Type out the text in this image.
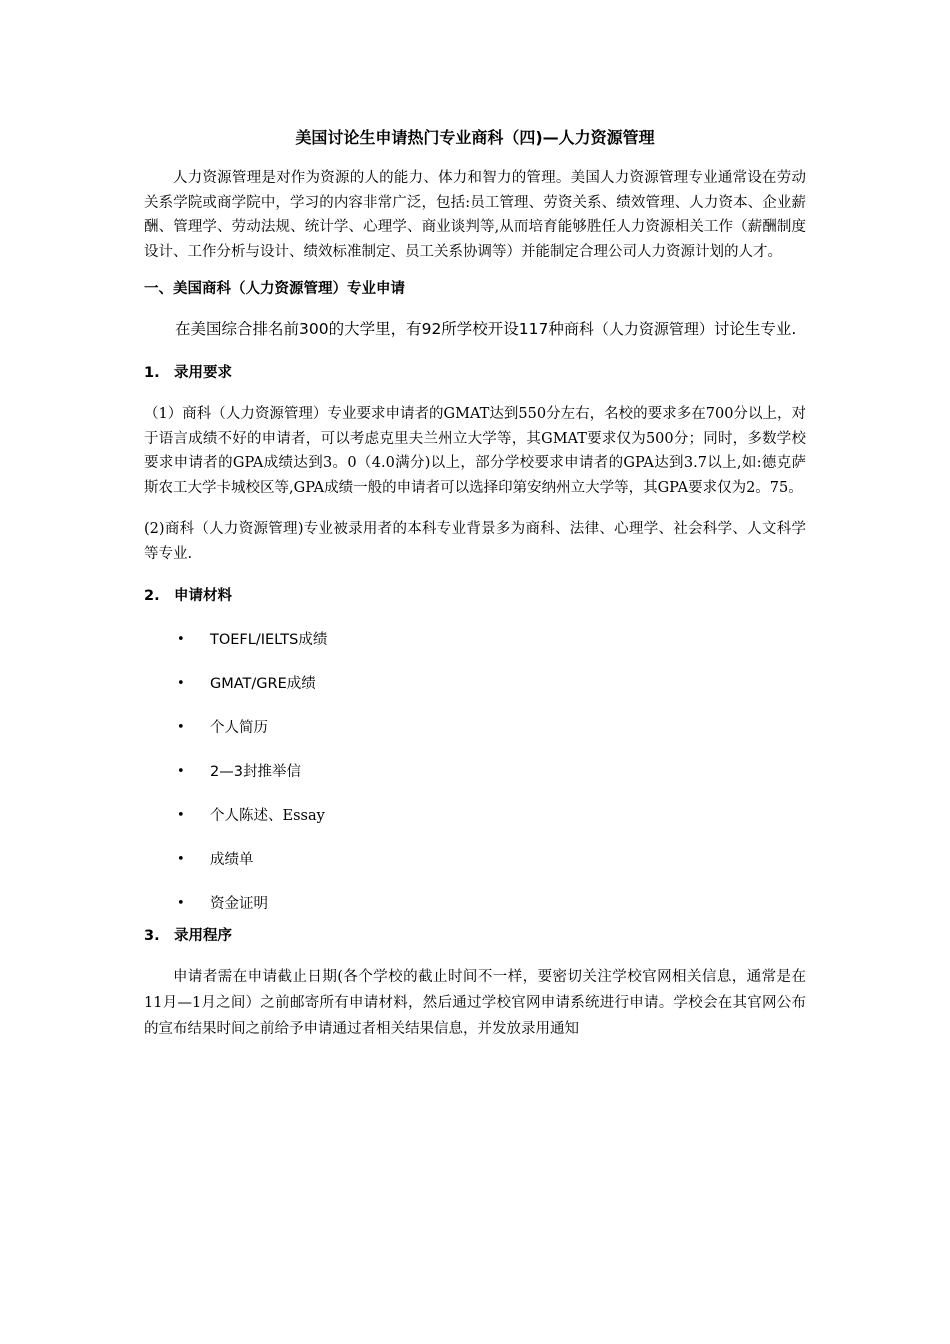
美国讨论生申请热门专业商科（四)—人力资源管理

人力资源管理是对作为资源的人的能力、体力和智力的管理。美国人力资源管理专业通常设在劳动关系学院或商学院中，学习的内容非常广泛，包括:员工管理、劳资关系、绩效管理、人力资本、企业薪酬、管理学、劳动法规、统计学、心理学、商业谈判等,从而培育能够胜任人力资源相关工作（薪酬制度设计、工作分析与设计、绩效标准制定、员工关系协调等）并能制定合理公司人力资源计划的人才。

一、美国商科（人力资源管理）专业申请

在美国综合排名前300的大学里，有92所学校开设117种商科（人力资源管理）讨论生专业.

1. 录用要求

（1）商科（人力资源管理）专业要求申请者的GMAT达到550分左右，名校的要求多在700分以上，对于语言成绩不好的申请者，可以考虑克里夫兰州立大学等，其GMAT要求仅为500分；同时，多数学校要求申请者的GPA成绩达到3。0（4.0满分)以上，部分学校要求申请者的GPA达到3.7以上,如:德克萨斯农工大学卡城校区等,GPA成绩一般的申请者可以选择印第安纳州立大学等，其GPA要求仅为2。75。

(2)商科（人力资源管理)专业被录用者的本科专业背景多为商科、法律、心理学、社会科学、人文科学等专业.

2. 申请材料
• TOEFL/IELTS成绩
• GMAT/GRE成绩
• 个人简历
• 2—3封推举信
• 个人陈述、Essay
• 成绩单
• 资金证明
3. 录用程序

申请者需在申请截止日期(各个学校的截止时间不一样，要密切关注学校官网相关信息，通常是在11月—1月之间）之前邮寄所有申请材料，然后通过学校官网申请系统进行申请。学校会在其官网公布的宣布结果时间之前给予申请通过者相关结果信息，并发放录用通知
